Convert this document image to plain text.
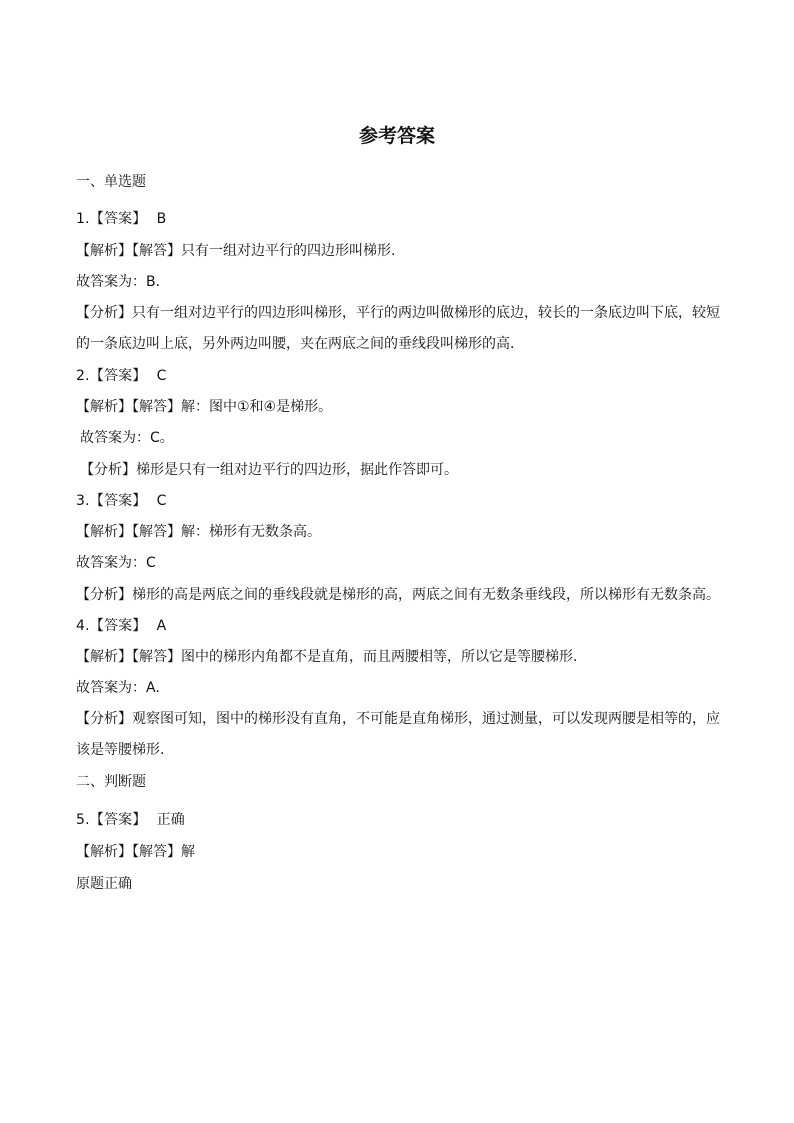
参考答案
一、单选题
1.【答案】 B
【解析】【解答】只有一组对边平行的四边形叫梯形.
故答案为：B.
【分析】只有一组对边平行的四边形叫梯形，平行的两边叫做梯形的底边，较长的一条底边叫下底，较短的一条底边叫上底，另外两边叫腰，夹在两底之间的垂线段叫梯形的高.
2.【答案】 C
【解析】【解答】解：图中①和④是梯形。
故答案为：C。
【分析】梯形是只有一组对边平行的四边形，据此作答即可。
3.【答案】 C
【解析】【解答】解：梯形有无数条高。
故答案为：C
【分析】梯形的高是两底之间的垂线段就是梯形的高，两底之间有无数条垂线段，所以梯形有无数条高。
4.【答案】 A
【解析】【解答】图中的梯形内角都不是直角，而且两腰相等，所以它是等腰梯形.
故答案为：A.
【分析】观察图可知，图中的梯形没有直角，不可能是直角梯形，通过测量，可以发现两腰是相等的，应该是等腰梯形.
二、判断题
5.【答案】 正确
【解析】【解答】解
原题正确
